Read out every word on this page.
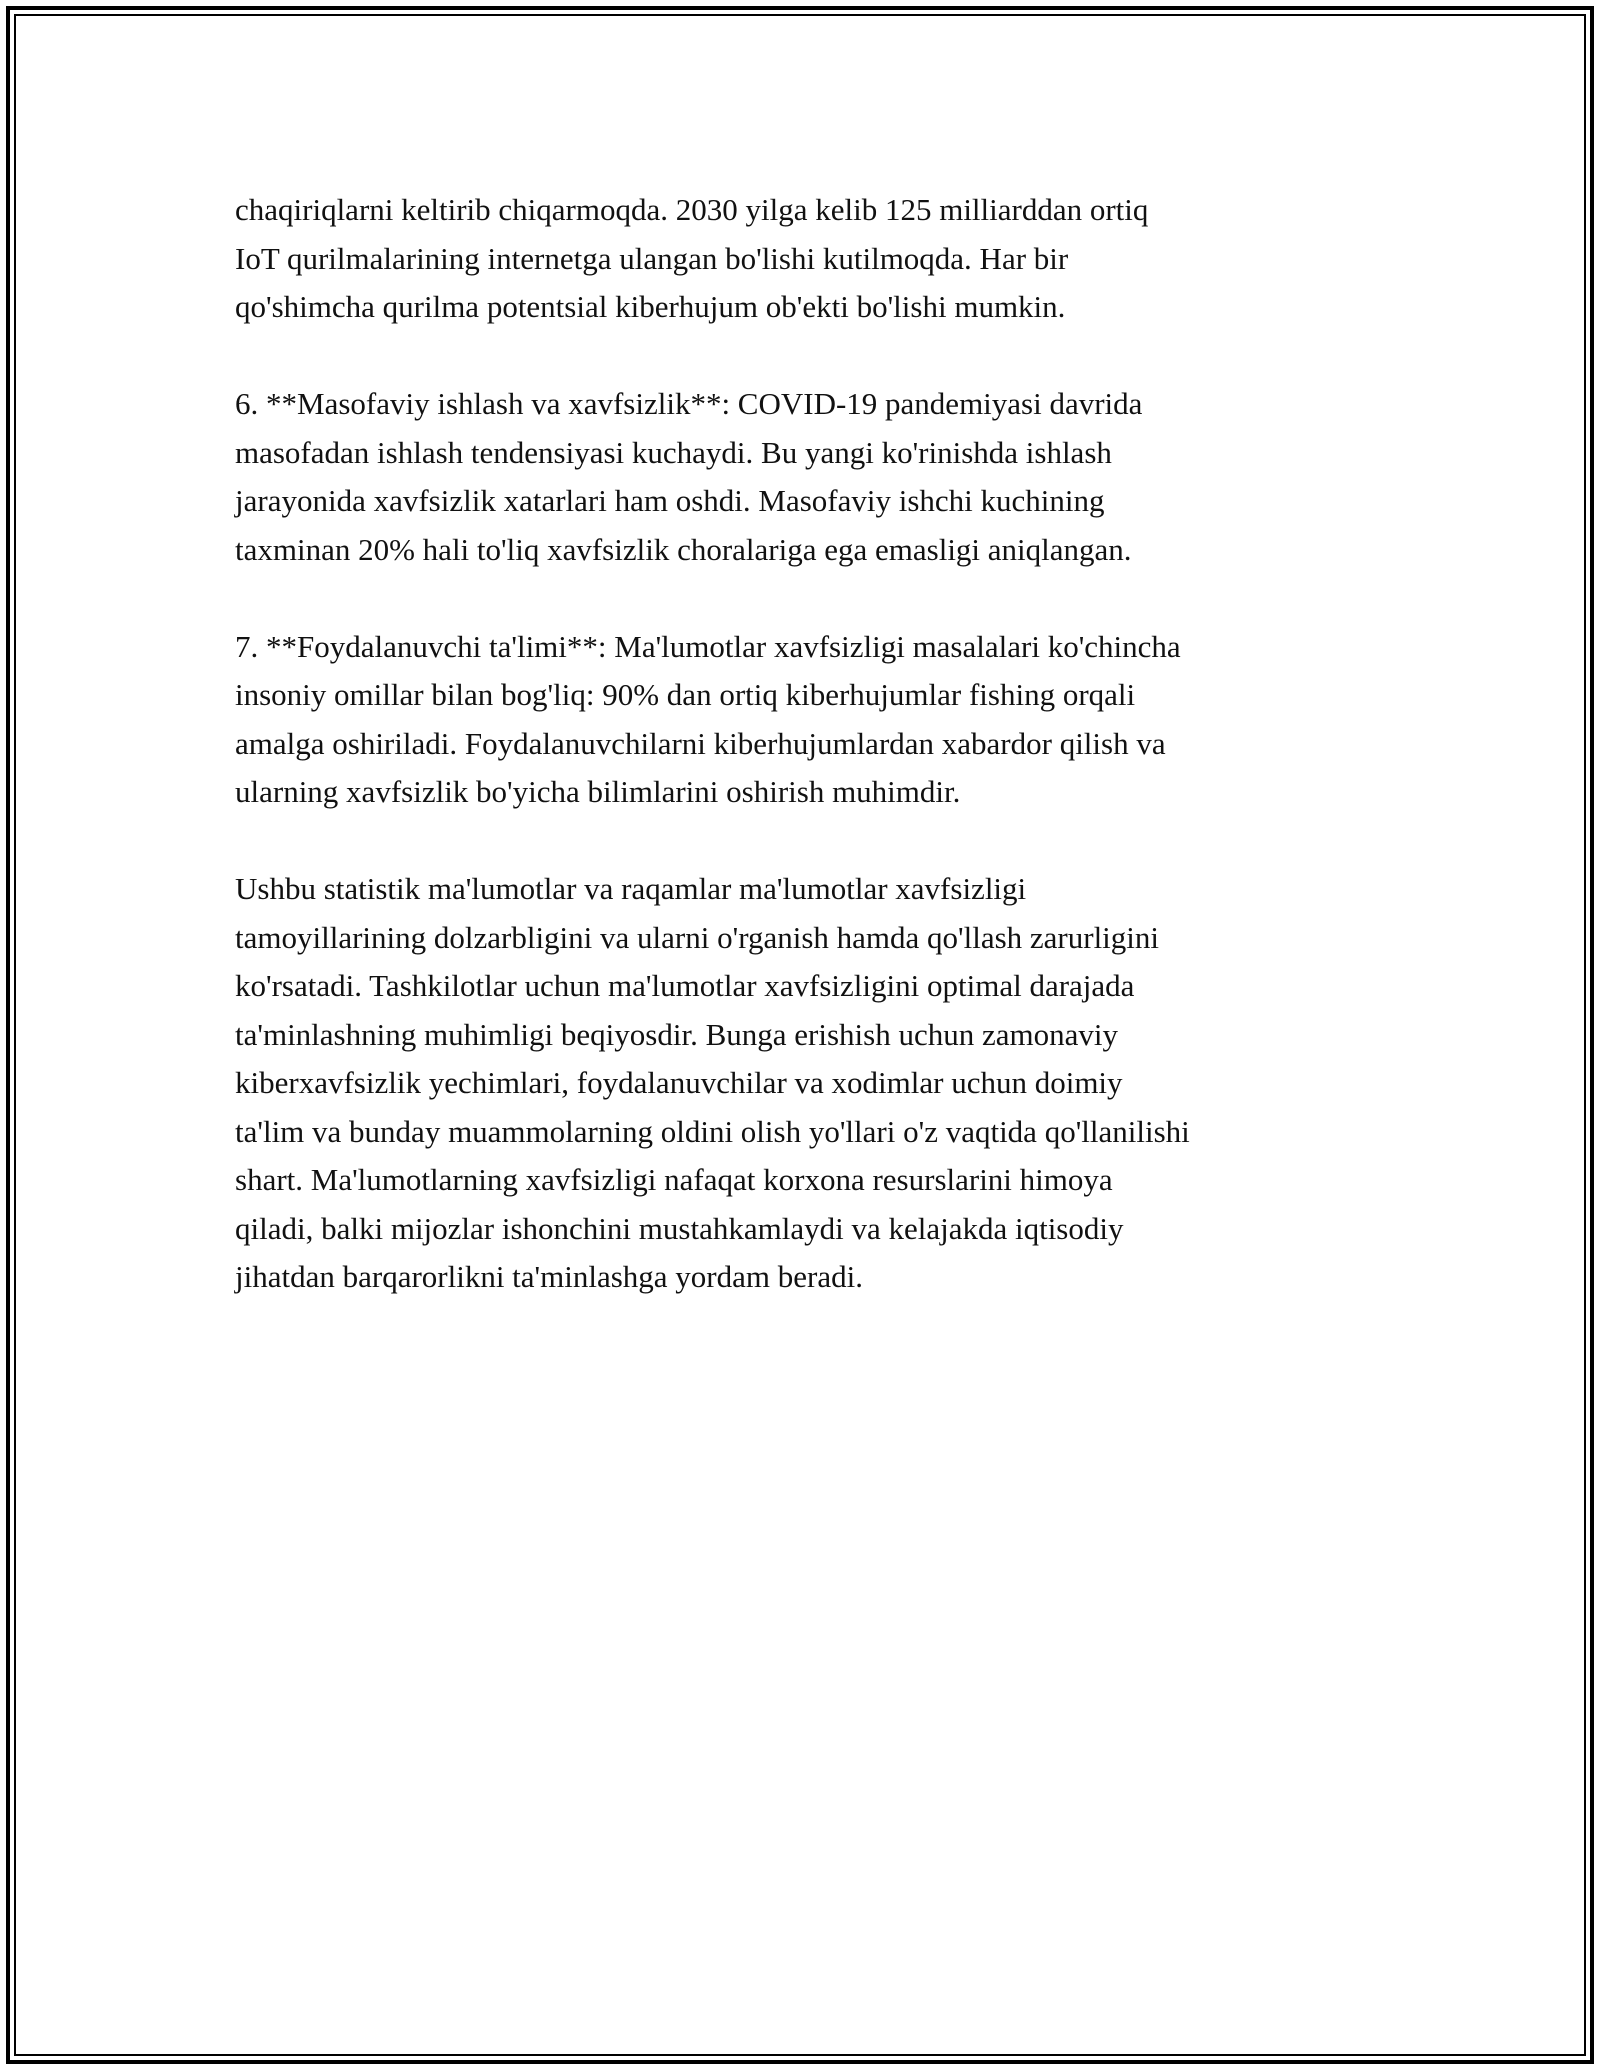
chaqiriqlarni keltirib chiqarmoqda. 2030 yilga kelib 125 milliarddan ortiq
IoT qurilmalarining internetga ulangan bo'lishi kutilmoqda. Har bir
qo'shimcha qurilma potentsial kiberhujum ob'ekti bo'lishi mumkin.

6. **Masofaviy ishlash va xavfsizlik**: COVID-19 pandemiyasi davrida
masofadan ishlash tendensiyasi kuchaydi. Bu yangi ko'rinishda ishlash
jarayonida xavfsizlik xatarlari ham oshdi. Masofaviy ishchi kuchining
taxminan 20% hali to'liq xavfsizlik choralariga ega emasligi aniqlangan.

7. **Foydalanuvchi ta'limi**: Ma'lumotlar xavfsizligi masalalari ko'chincha
insoniy omillar bilan bog'liq: 90% dan ortiq kiberhujumlar fishing orqali
amalga oshiriladi. Foydalanuvchilarni kiberhujumlardan xabardor qilish va
ularning xavfsizlik bo'yicha bilimlarini oshirish muhimdir.

Ushbu statistik ma'lumotlar va raqamlar ma'lumotlar xavfsizligi
tamoyillarining dolzarbligini va ularni o'rganish hamda qo'llash zarurligini
ko'rsatadi. Tashkilotlar uchun ma'lumotlar xavfsizligini optimal darajada
ta'minlashning muhimligi beqiyosdir. Bunga erishish uchun zamonaviy
kiberxavfsizlik yechimlari, foydalanuvchilar va xodimlar uchun doimiy
ta'lim va bunday muammolarning oldini olish yo'llari o'z vaqtida qo'llanilishi
shart. Ma'lumotlarning xavfsizligi nafaqat korxona resurslarini himoya
qiladi, balki mijozlar ishonchini mustahkamlaydi va kelajakda iqtisodiy
jihatdan barqarorlikni ta'minlashga yordam beradi.
